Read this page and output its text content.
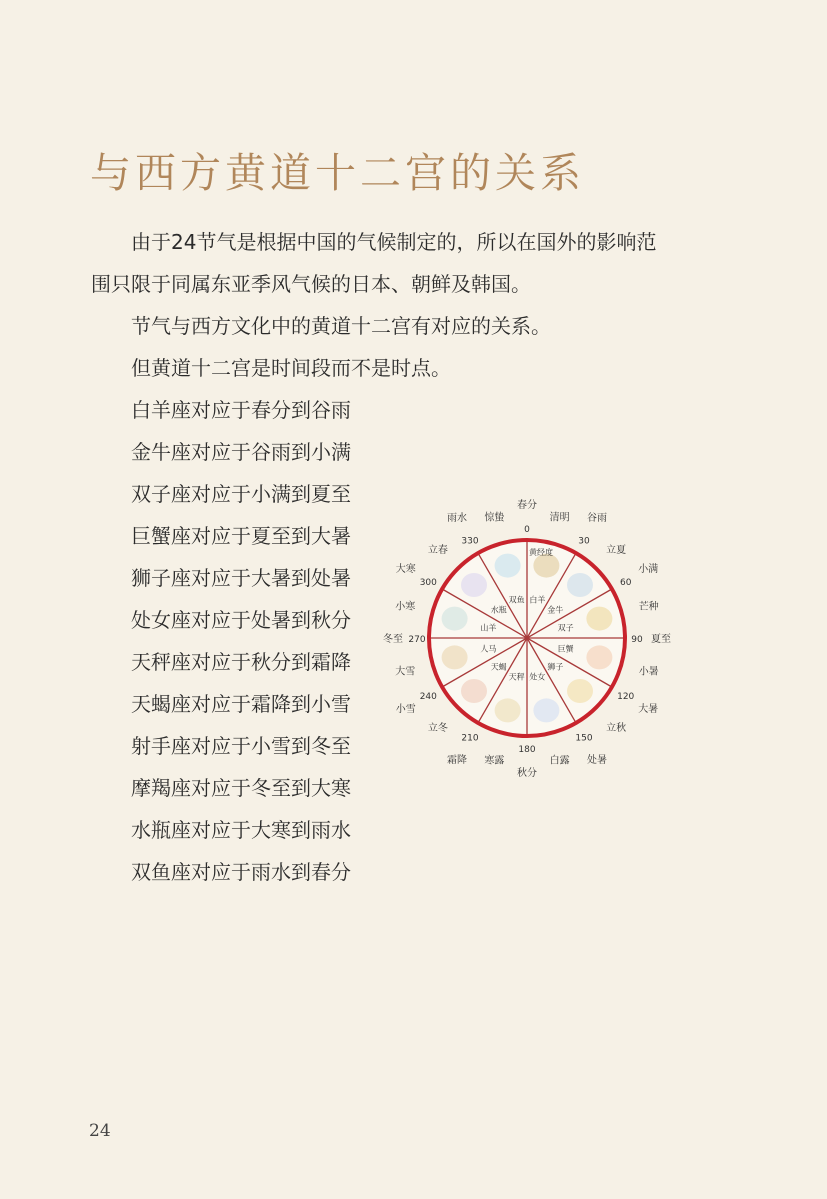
与西方黄道十二宫的关系
由于24节气是根据中国的气候制定的，所以在国外的影响范
围只限于同属东亚季风气候的日本、朝鲜及韩国。
节气与西方文化中的黄道十二宫有对应的关系。
但黄道十二宫是时间段而不是时点。
白羊座对应于春分到谷雨
金牛座对应于谷雨到小满
双子座对应于小满到夏至
巨蟹座对应于夏至到大暑
狮子座对应于大暑到处暑
处女座对应于处暑到秋分
天秤座对应于秋分到霜降
天蝎座对应于霜降到小雪
射手座对应于小雪到冬至
摩羯座对应于冬至到大寒
水瓶座对应于大寒到雨水
双鱼座对应于雨水到春分
白羊
金牛
双子
巨蟹
狮子
处女
天秤
天蝎
人马
山羊
水瓶
双鱼
黄经度
0
30
60
90
120
150
180
210
240
270
300
330
春分
谷雨
小满
夏至
大暑
处暑
秋分
霜降
小雪
冬至
大寒
雨水	清明
立夏
芒种
小暑
立秋
白露
寒露
立冬
大雪
小寒
立春
惊蛰
24
